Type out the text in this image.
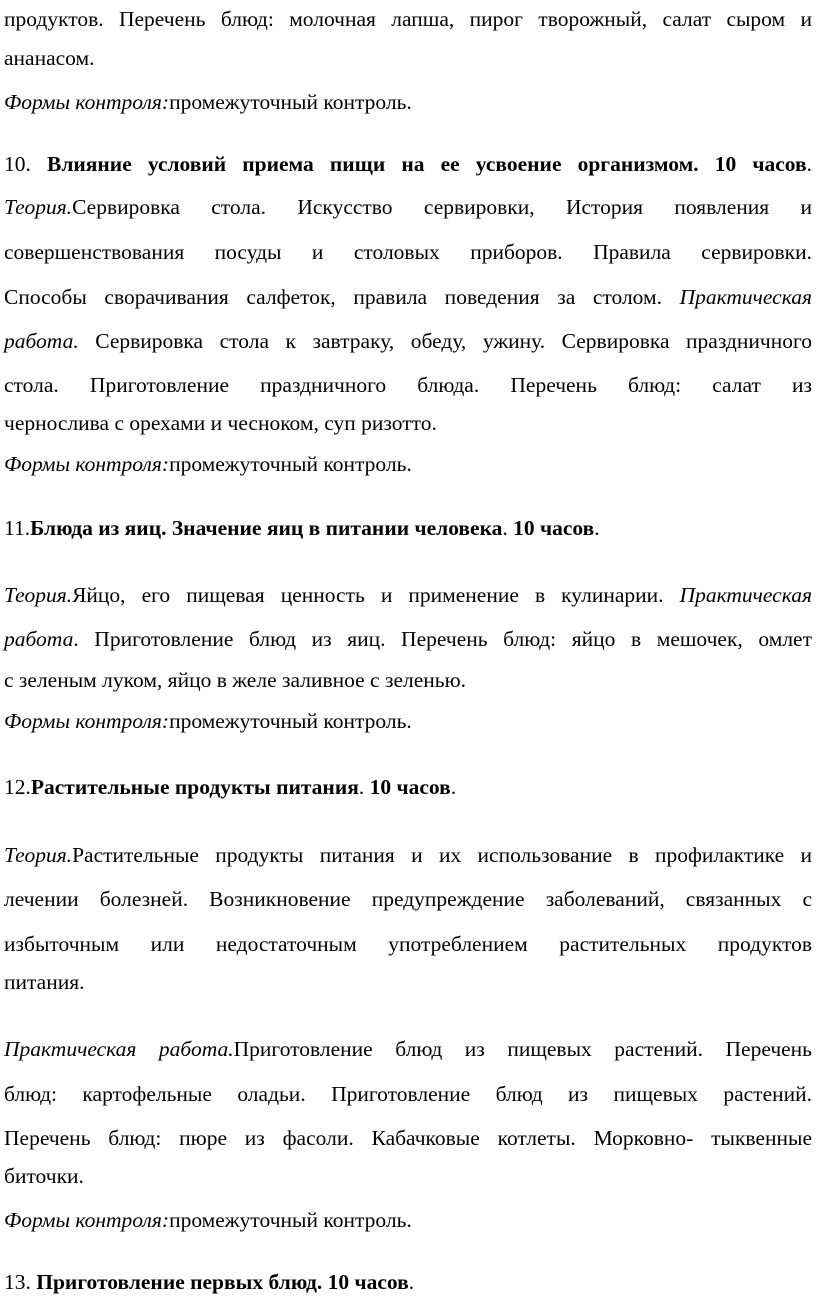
продуктов. Перечень блюд: молочная лапша, пирог творожный, салат сыром и
ананасом.
Формы контроля:промежуточный контроль.
10. Влияние условий приема пищи на ее усвоение организмом. 10 часов.
Теория.Сервировка стола. Искусство сервировки, История появления и
совершенствования посуды и столовых приборов. Правила сервировки.
Способы сворачивания салфеток, правила поведения за столом. Практическая
работа. Сервировка стола к завтраку, обеду, ужину. Сервировка праздничного
стола. Приготовление праздничного блюда. Перечень блюд: салат из
чернослива с орехами и чесноком, суп ризотто.
Формы контроля:промежуточный контроль.
11.Блюда из яиц. Значение яиц в питании человека. 10 часов.
Теория.Яйцо, его пищевая ценность и применение в кулинарии. Практическая
работа. Приготовление блюд из яиц. Перечень блюд: яйцо в мешочек, омлет
с зеленым луком, яйцо в желе заливное с зеленью.
Формы контроля:промежуточный контроль.
12.Растительные продукты питания. 10 часов.
Теория.Растительные продукты питания и их использование в профилактике и
лечении болезней. Возникновение предупреждение заболеваний, связанных с
избыточным или недостаточным употреблением растительных продуктов
питания.
Практическая работа.Приготовление блюд из пищевых растений. Перечень
блюд: картофельные оладьи. Приготовление блюд из пищевых растений.
Перечень блюд: пюре из фасоли. Кабачковые котлеты. Морковно- тыквенные
биточки.
Формы контроля:промежуточный контроль.
13. Приготовление первых блюд. 10 часов.
